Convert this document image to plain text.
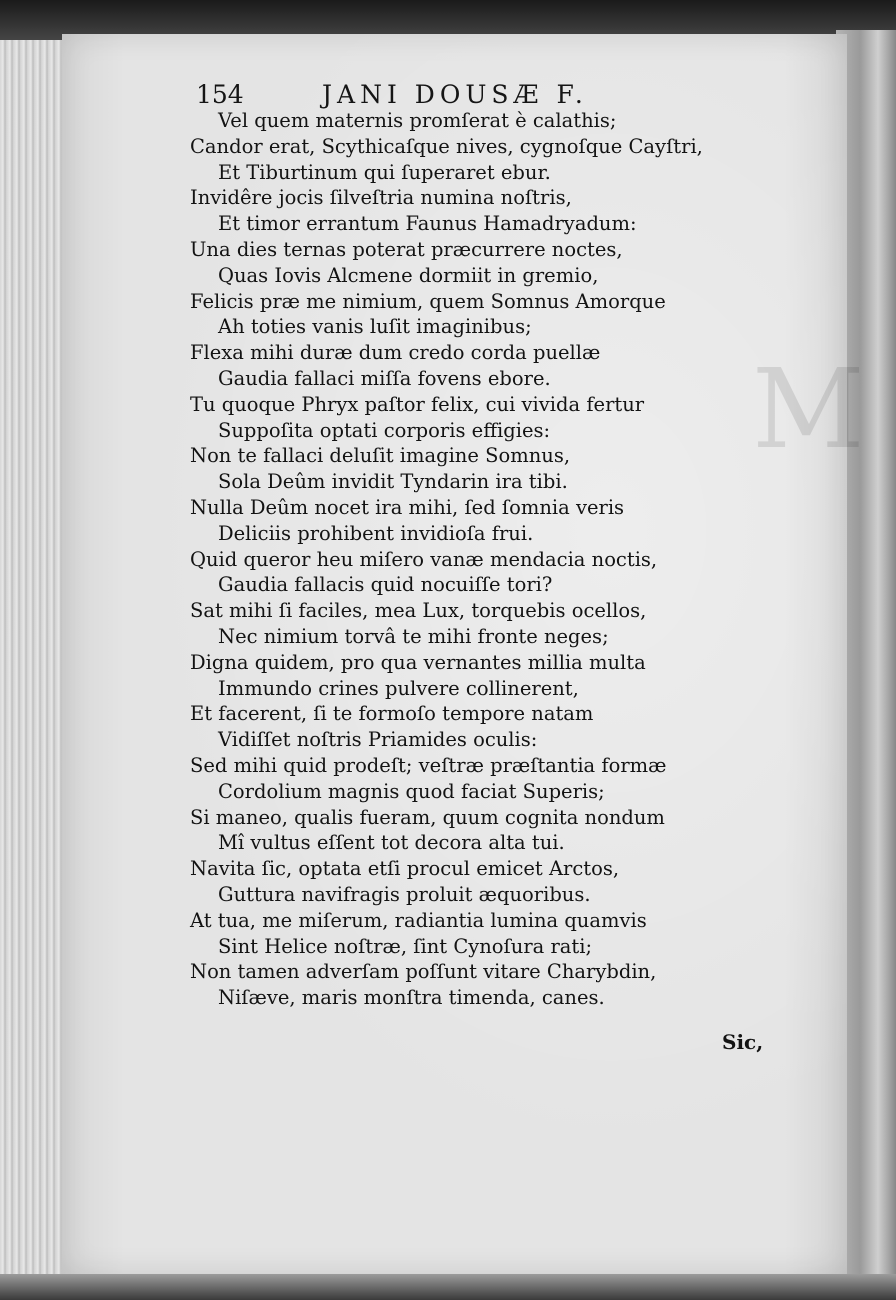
M
154	JANI DOUSÆ F.
Vel quem maternis promſerat è calathis;
Candor erat, Scythicaſque nives, cygnoſque Cayſtri,
Et Tiburtinum qui ſuperaret ebur.
Invidêre jocis ſilveſtria numina noſtris,
Et timor errantum Faunus Hamadryadum:
Una dies ternas poterat præcurrere noctes,
Quas Iovis Alcmene dormiit in gremio,
Felicis præ me nimium, quem Somnus Amorque
Ah toties vanis luſit imaginibus;
Flexa mihi duræ dum credo corda puellæ
Gaudia fallaci miſſa fovens ebore.
Tu quoque Phryx paſtor felix, cui vivida fertur
Suppoſita optati corporis effigies:
Non te fallaci deluſit imagine Somnus,
Sola Deûm invidit Tyndarin ira tibi.
Nulla Deûm nocet ira mihi, ſed ſomnia veris
Deliciis prohibent invidioſa frui.
Quid queror heu miſero vanæ mendacia noctis,
Gaudia fallacis quid nocuiſſe tori?
Sat mihi ſi faciles, mea Lux, torquebis ocellos,
Nec nimium torvâ te mihi fronte neges;
Digna quidem, pro qua vernantes millia multa
Immundo crines pulvere collinerent,
Et facerent, ſi te formoſo tempore natam
Vidiſſet noſtris Priamides oculis:
Sed mihi quid prodeſt; veſtræ præſtantia formæ
Cordolium magnis quod faciat Superis;
Si maneo, qualis fueram, quum cognita nondum
Mî vultus eſſent tot decora alta tui.
Navita ſic, optata etſi procul emicet Arctos,
Guttura navifragis proluit æquoribus.
At tua, me miſerum, radiantia lumina quamvis
Sint Helice noſtræ, ſint Cynoſura rati;
Non tamen adverſam poſſunt vitare Charybdin,
Niſæve, maris monſtra timenda, canes.
Sic,
